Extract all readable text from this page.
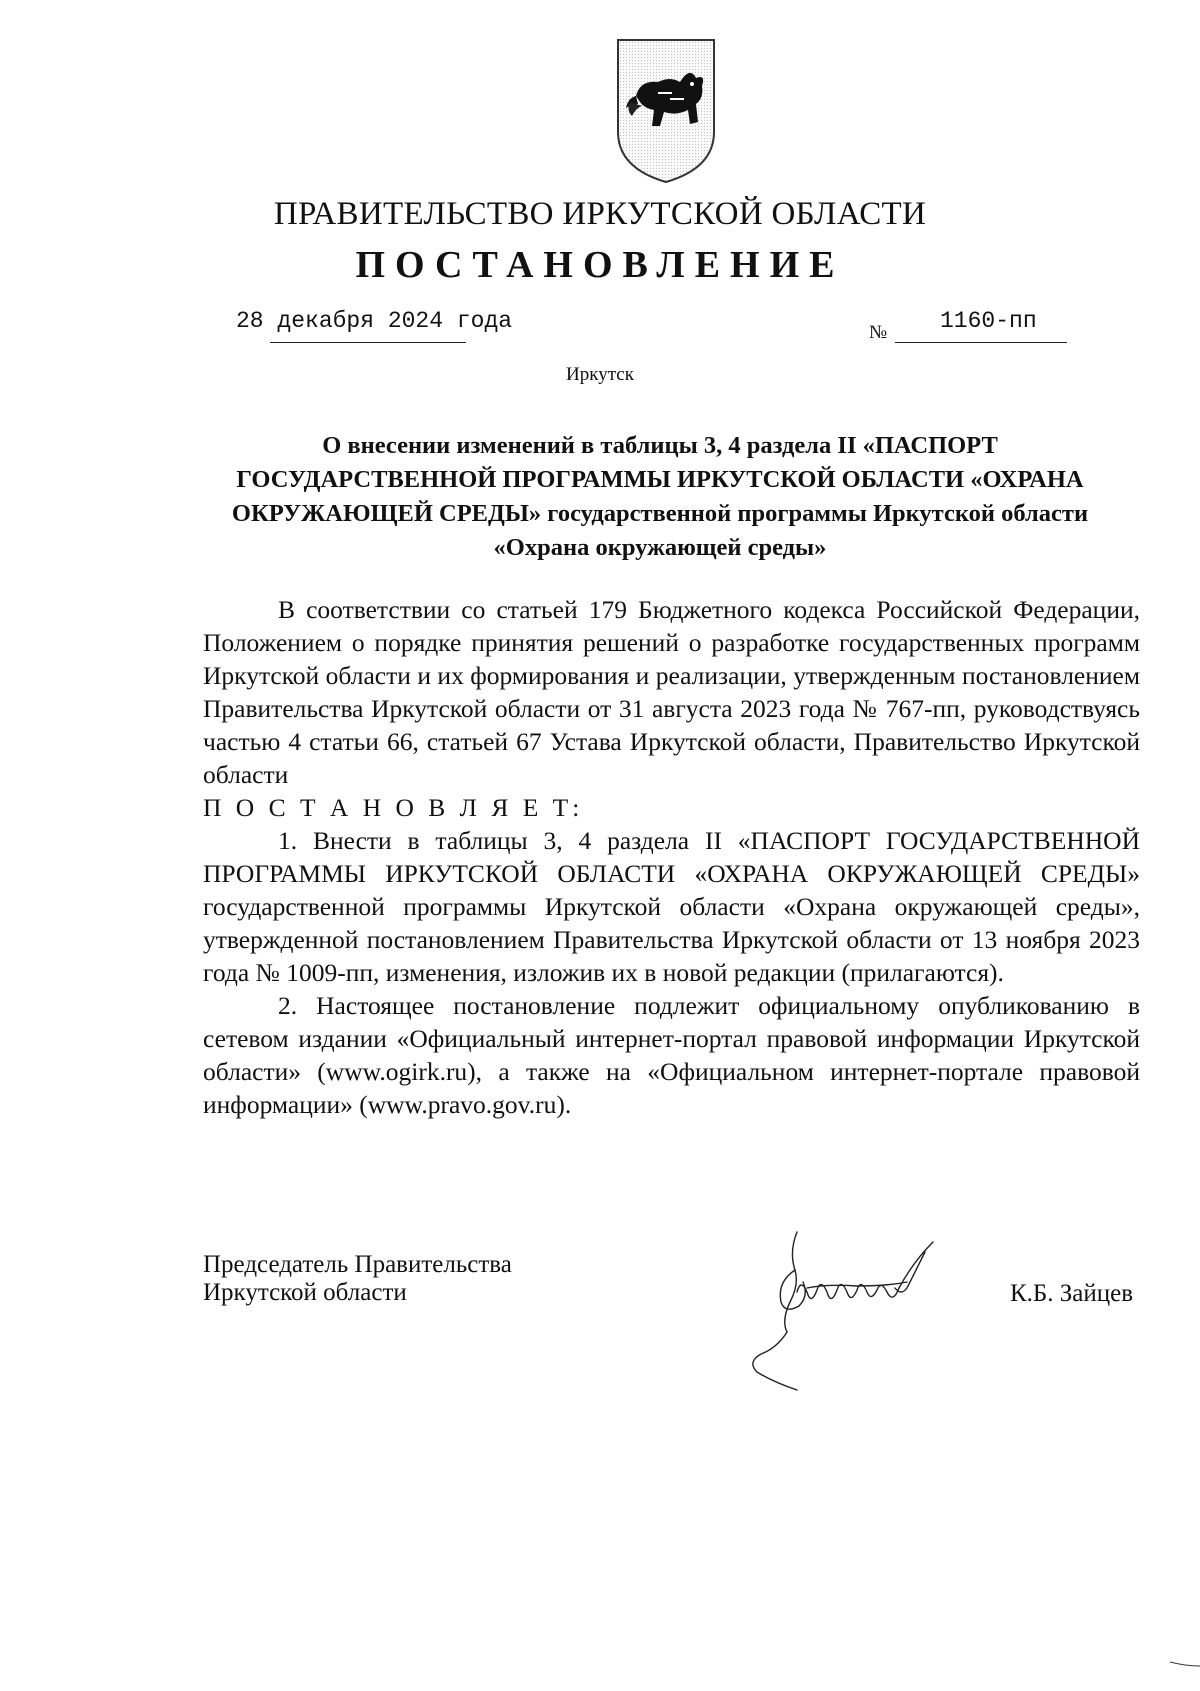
ПРАВИТЕЛЬСТВО ИРКУТСКОЙ ОБЛАСТИ
ПОСТАНОВЛЕНИЕ
28 декабря 2024 года	№ 1160-пп
Иркутск
О внесении изменений в таблицы 3, 4 раздела II «ПАСПОРТ ГОСУДАРСТВЕННОЙ ПРОГРАММЫ ИРКУТСКОЙ ОБЛАСТИ «ОХРАНА ОКРУЖАЮЩЕЙ СРЕДЫ» государственной программы Иркутской области «Охрана окружающей среды»

В соответствии со статьей 179 Бюджетного кодекса Российской Федерации, Положением о порядке принятия решений о разработке государственных программ Иркутской области и их формирования и реализации, утвержденным постановлением Правительства Иркутской области от 31 августа 2023 года № 767-пп, руководствуясь частью 4 статьи 66, статьей 67 Устава Иркутской области, Правительство Иркутской области

П О С Т А Н О В Л Я Е Т:

1. Внести в таблицы 3, 4 раздела II «ПАСПОРТ ГОСУДАРСТВЕННОЙ ПРОГРАММЫ ИРКУТСКОЙ ОБЛАСТИ «ОХРАНА ОКРУЖАЮЩЕЙ СРЕДЫ» государственной программы Иркутской области «Охрана окружающей среды», утвержденной постановлением Правительства Иркутской области от 13 ноября 2023 года № 1009-пп, изменения, изложив их в новой редакции (прилагаются).

2. Настоящее постановление подлежит официальному опубликованию в сетевом издании «Официальный интернет-портал правовой информации Иркутской области» (www.ogirk.ru), а также на «Официальном интернет-портале правовой информации» (www.pravo.gov.ru).

Председатель Правительства
Иркутской области	К.Б. Зайцев
